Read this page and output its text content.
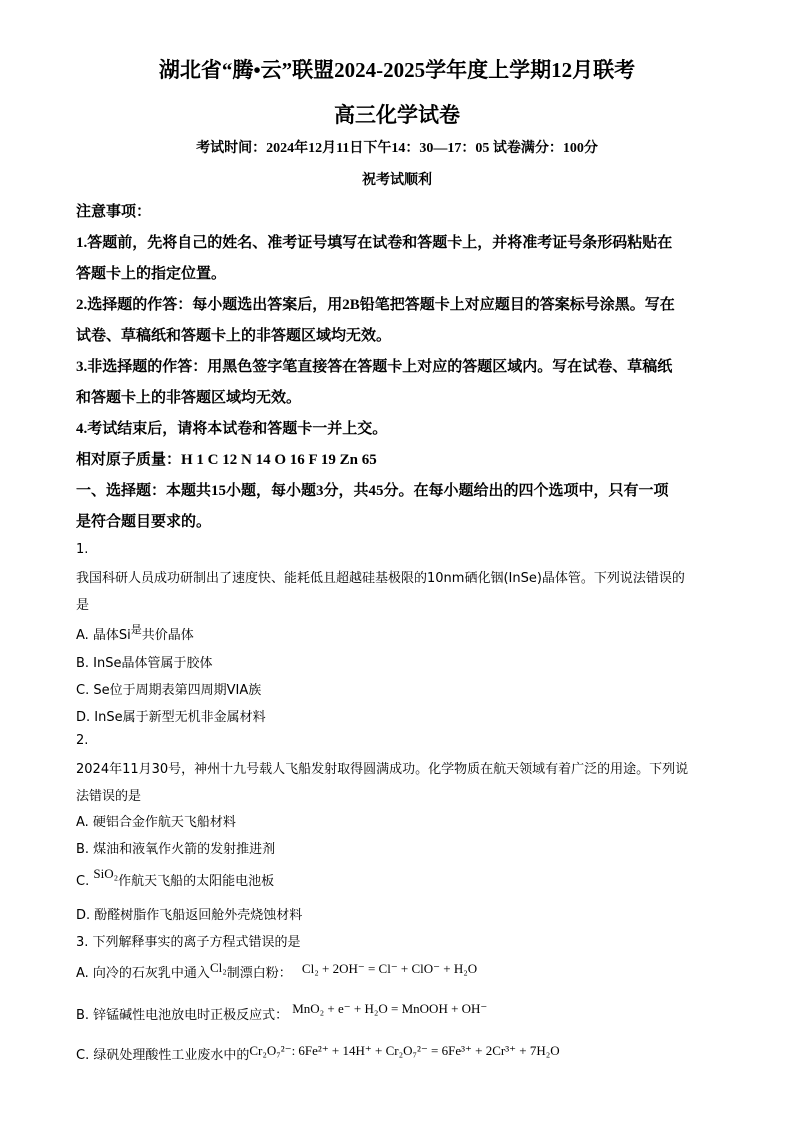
湖北省“腾•云”联盟2024-2025学年度上学期12月联考
高三化学试卷
考试时间：2024年12月11日下午14：30—17：05 试卷满分：100分
祝考试顺利
注意事项：
1.答题前，先将自己的姓名、准考证号填写在试卷和答题卡上，并将准考证号条形码粘贴在
答题卡上的指定位置。
2.选择题的作答：每小题选出答案后，用2B铅笔把答题卡上对应题目的答案标号涂黑。写在
试卷、草稿纸和答题卡上的非答题区域均无效。
3.非选择题的作答：用黑色签字笔直接答在答题卡上对应的答题区域内。写在试卷、草稿纸
和答题卡上的非答题区域均无效。
4.考试结束后，请将本试卷和答题卡一并上交。
相对原子质量：H 1 C 12 N 14 O 16 F 19 Zn 65
一、选择题：本题共15小题，每小题3分，共45分。在每小题给出的四个选项中，只有一项
是符合题目要求的。
1.
我国科研人员成功研制出了速度快、能耗低且超越硅基极限的10nm硒化铟(InSe)晶体管。下列说法错误的
是
A. 晶体$Si^是$共价晶体
B. InSe晶体管属于胶体
C. Se位于周期表第四周期VIA族
D. InSe属于新型无机非金属材料
2.
2024年11月30号，神州十九号载人飞船发射取得圆满成功。化学物质在航天领域有着广泛的用途。下列说
法错误的是
A. 硬铝合金作航天飞船材料
B. 煤油和液氧作火箭的发射推进剂
C. SiO₂作航天飞船的太阳能电池板
D. 酚醛树脂作飞船返回舱外壳烧蚀材料
3. 下列解释事实的离子方程式错误的是
A. 向冷的石灰乳中通入Cl₂制漂白粉： Cl₂ + 2OH⁻ = Cl⁻ + ClO⁻ + H₂O
B. 锌锰碱性电池放电时正极反应式： MnO₂ + e⁻ + H₂O = MnOOH + OH⁻
C. 绿矾处理酸性工业废水中的Cr₂O₇²⁻: 6Fe²⁺ + 14H⁺ + Cr₂O₇²⁻ = 6Fe³⁺ + 2Cr³⁺ + 7H₂O
